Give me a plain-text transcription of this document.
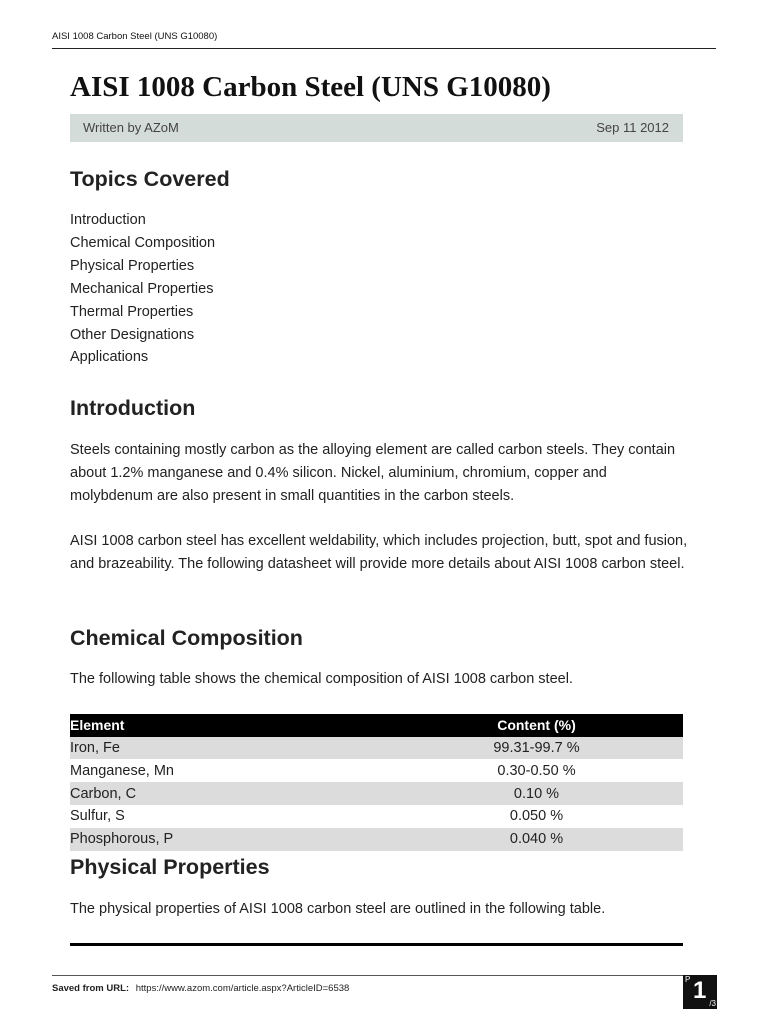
AISI 1008 Carbon Steel (UNS G10080)
AISI 1008 Carbon Steel (UNS G10080)
Written by AZoM	Sep 11 2012
Topics Covered
Introduction
Chemical Composition
Physical Properties
Mechanical Properties
Thermal Properties
Other Designations
Applications
Introduction

Steels containing mostly carbon as the alloying element are called carbon steels. They contain about 1.2% manganese and 0.4% silicon. Nickel, aluminium, chromium, copper and molybdenum are also present in small quantities in the carbon steels.

AISI 1008 carbon steel has excellent weldability, which includes projection, butt, spot and fusion, and brazeability. The following datasheet will provide more details about AISI 1008 carbon steel.

Chemical Composition

The following table shows the chemical composition of AISI 1008 carbon steel.

Element	Content (%)
Iron, Fe	99.31-99.7 %
Manganese, Mn	0.30-0.50 %
Carbon, C	0.10 %
Sulfur, S	0.050 %
Phosphorous, P	0.040 %
Physical Properties

The physical properties of AISI 1008 carbon steel are outlined in the following table.

Saved from URL: https://www.azom.com/article.aspx?ArticleID=6538
P 1 /3
